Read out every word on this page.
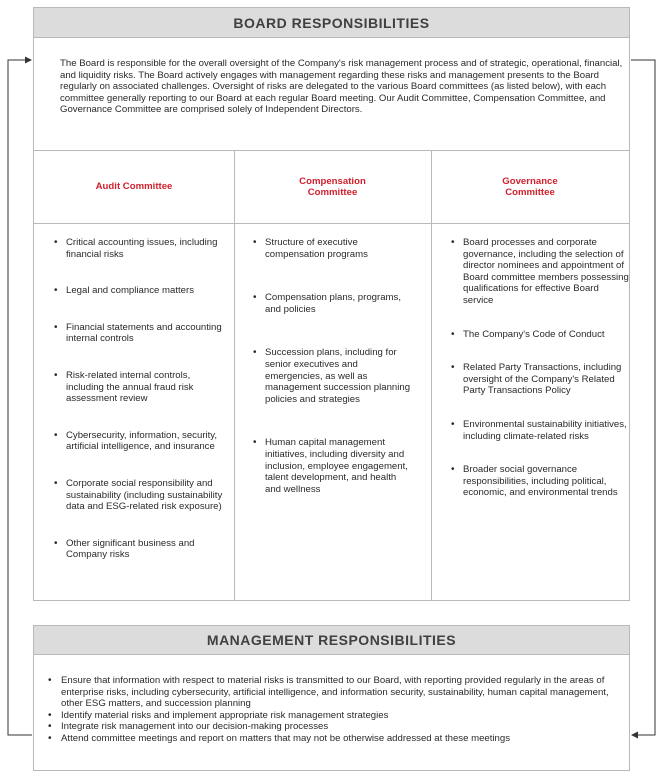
BOARD RESPONSIBILITIES
The Board is responsible for the overall oversight of the Company's risk management process and of strategic, operational, financial, and liquidity risks. The Board actively engages with management regarding these risks and management presents to the Board regularly on associated challenges. Oversight of risks are delegated to the various Board committees (as listed below), with each committee generally reporting to our Board at each regular Board meeting. Our Audit Committee, Compensation Committee, and Governance Committee are comprised solely of Independent Directors.
Audit Committee
Compensation
Committee
Governance
Committee
• Critical accounting issues, including financial risks
• Legal and compliance matters
• Financial statements and accounting internal controls
• Risk-related internal controls, including the annual fraud risk assessment review
• Cybersecurity, information, security, artificial intelligence, and insurance
• Corporate social responsibility and sustainability (including sustainability data and ESG-related risk exposure)
• Other significant business and Company risks
• Structure of executive compensation programs
• Compensation plans, programs, and policies
• Succession plans, including for senior executives and emergencies, as well as management succession planning policies and strategies
• Human capital management initiatives, including diversity and inclusion, employee engagement, talent development, and health and wellness
• Board processes and corporate governance, including the selection of director nominees and appointment of Board committee members possessing qualifications for effective Board service
• The Company's Code of Conduct
• Related Party Transactions, including oversight of the Company's Related Party Transactions Policy
• Environmental sustainability initiatives, including climate-related risks
• Broader social governance responsibilities, including political, economic, and environmental trends
MANAGEMENT RESPONSIBILITIES
• Ensure that information with respect to material risks is transmitted to our Board, with reporting provided regularly in the areas of enterprise risks, including cybersecurity, artificial intelligence, and information security, sustainability, human capital management, other ESG matters, and succession planning
• Identify material risks and implement appropriate risk management strategies
• Integrate risk management into our decision-making processes
• Attend committee meetings and report on matters that may not be otherwise addressed at these meetings
